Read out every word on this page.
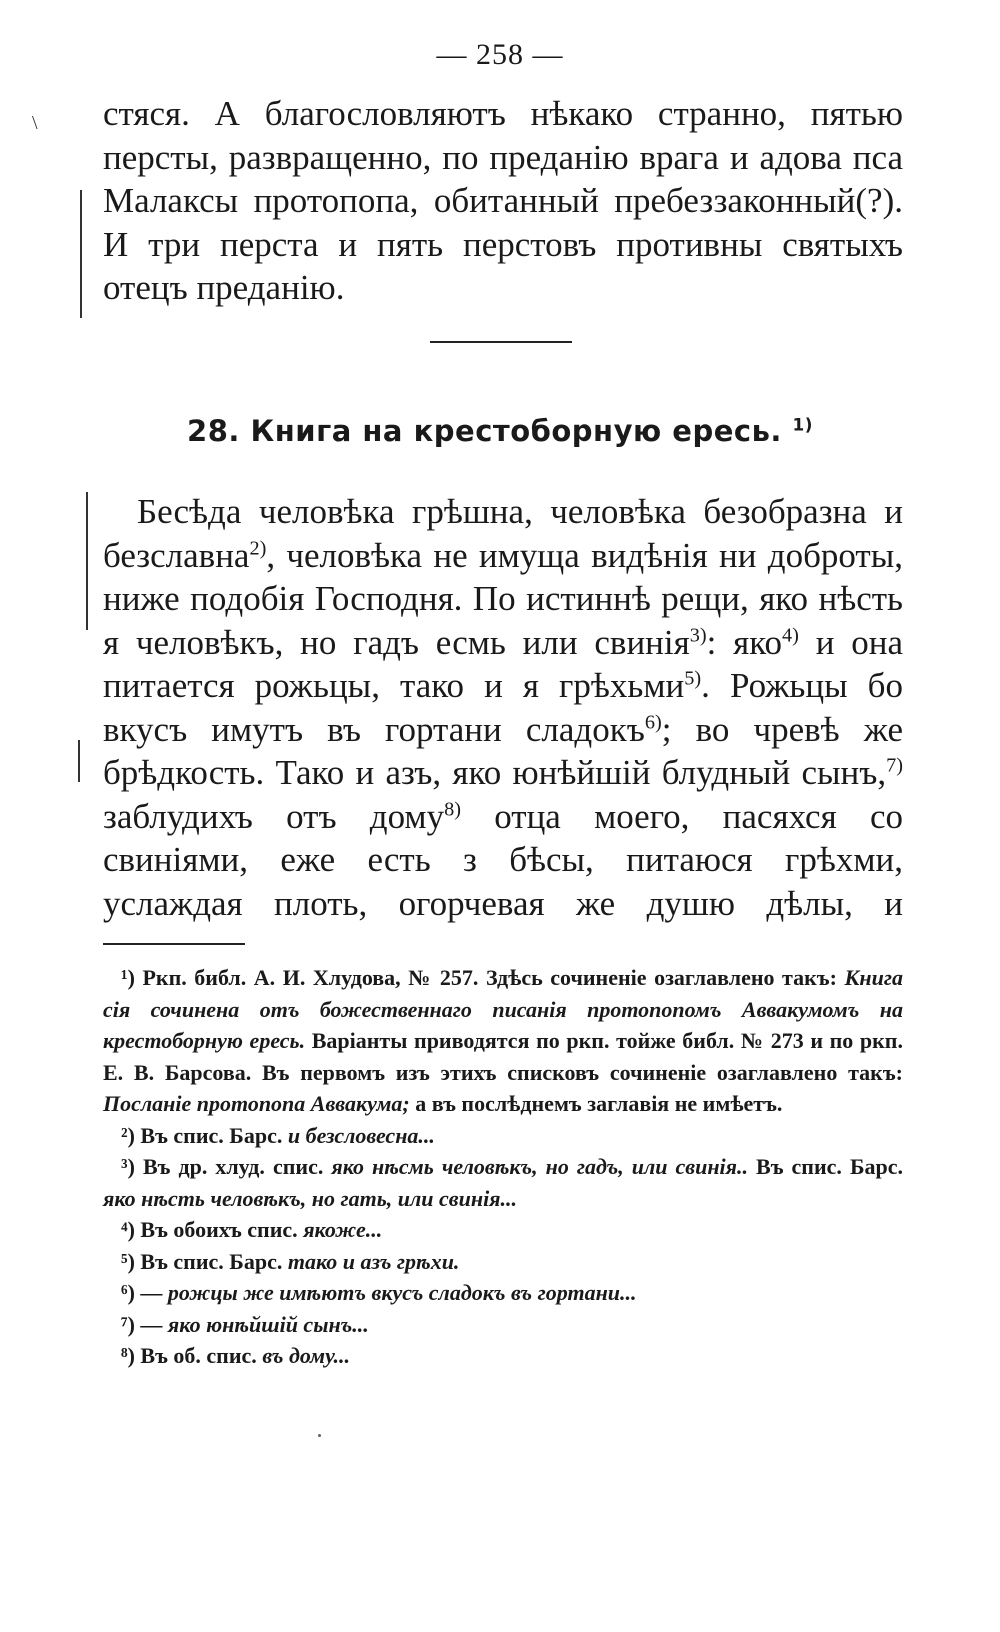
— 258 —
\ стяся. А благословляютъ нѣкако странно, пятью персты, развращенно, по преданію врага и адова пса Малаксы протопопа, обитанный пребеззаконный(?). И три перста и пять перстовъ противны святыхъ отецъ преданію.

28. Книга на крестоборную ересь. $^{1)}$

Бесѣда человѣка грѣшна, человѣка безобразна и безславна$^{2)}$, человѣка не имуща видѣнія ни доброты, ниже подобія Господня. По истиннѣ рещи, яко нѣсть я человѣкъ, но гадъ есмь или свинія$^{3)}$: яко$^{4)}$ и она питается рожьцы, тако и я грѣхьми$^{5)}$. Рожьцы бо вкусъ имутъ въ гортани сладокъ$^{6)}$; во чревѣ же брѣдкость. Тако и азъ, яко юнѣйшій блудный сынъ,$^{7)}$ заблудихъ отъ дому$^{8)}$ отца моего, пасяхся со свиніями, еже есть з бѣсы, питаюся грѣхми, услаждая плоть, огорчевая же душю дѣлы, и

¹) Ркп. библ. А. И. Хлудова, № 257. Здѣсь сочиненіе озаглавлено такъ: Книга сія сочинена отъ божественнаго писанія протопопомъ Аввакумомъ на крестоборную ересь. Варіанты приводятся по ркп. тойже библ. № 273 и по ркп. Е. В. Барсова. Въ первомъ изъ этихъ списковъ сочиненіе озаглавлено такъ: Посланіе протопопа Аввакума; а въ послѣднемъ заглавія не имѣетъ.

²) Въ спис. Барс. и безсловесна...

³) Въ др. хлуд. спис. яко нѣсмь человѣкъ, но гадъ, или свинія.. Въ спис. Барс. яко нѣсть человѣкъ, но гать, или свинія...

⁴) Въ обоихъ спис. якоже...

⁵) Въ спис. Барс. тако и азъ грѣхи.

⁶) — рожцы же имѣютъ вкусъ сладокъ въ гортани...

⁷) — яко юнѣйшій сынъ...

⁸) Въ об. спис. въ дому...
